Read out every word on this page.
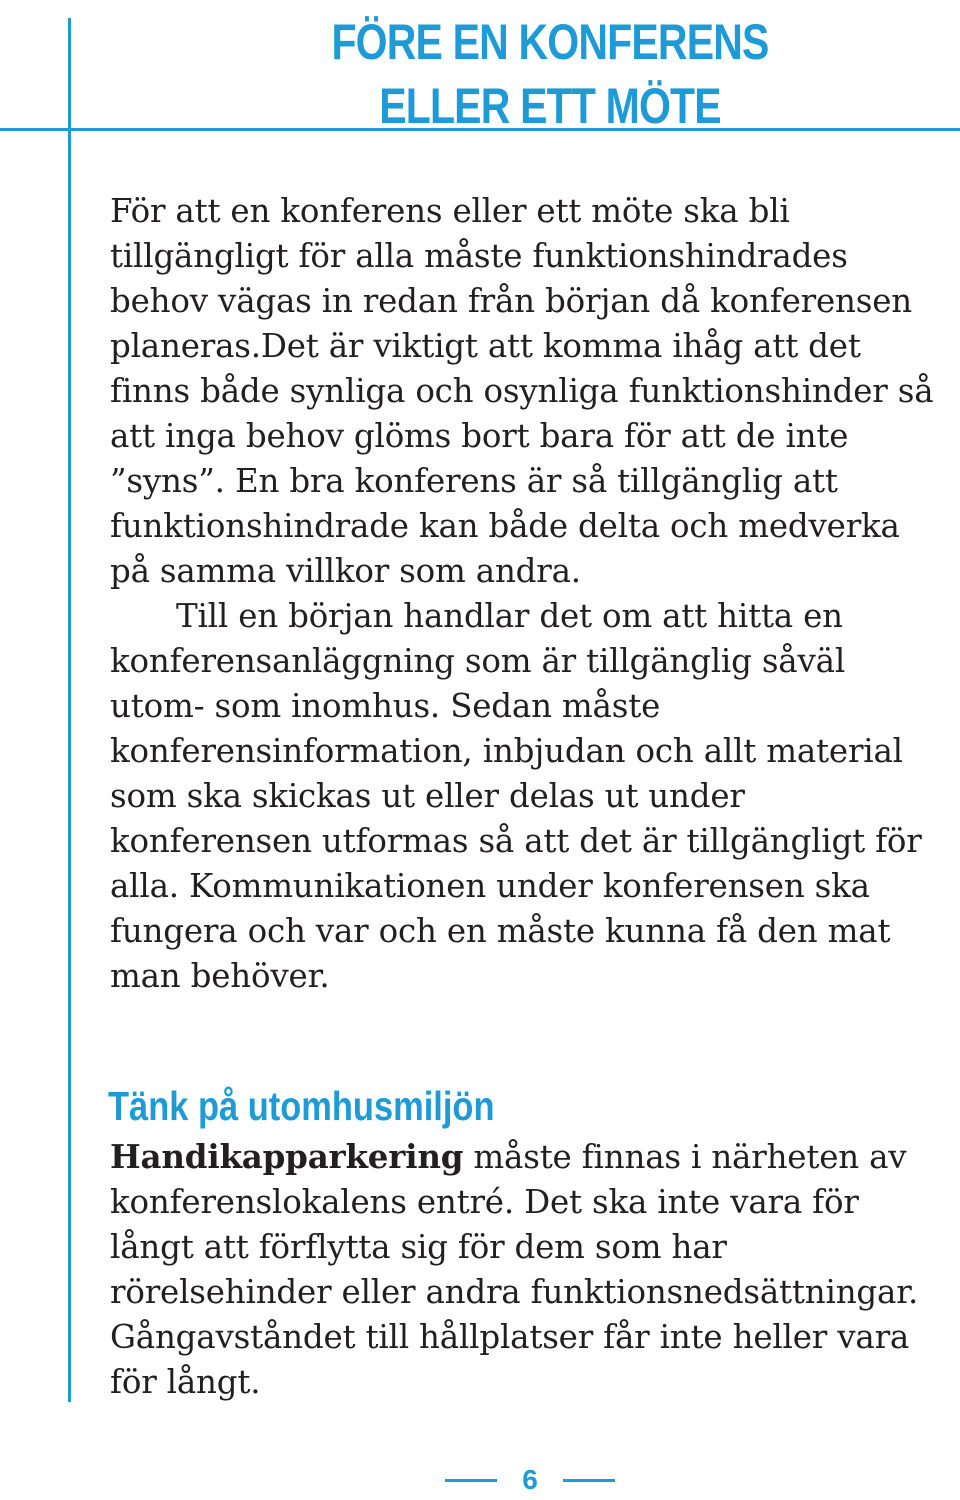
FÖRE EN KONFERENS
ELLER ETT MÖTE

För att en konferens eller ett möte ska bli tillgängligt för alla måste funktionshindrades behov vägas in redan från början då konferensen planeras.Det är viktigt att komma ihåg att det finns både synliga och osynliga funktionshinder så att inga behov glöms bort bara för att de inte ”syns”. En bra konferens är så tillgänglig att funktionshindrade kan både delta och medverka på samma villkor som andra.

Till en början handlar det om att hitta en konferensanläggning som är tillgänglig såväl utom- som inomhus. Sedan måste konferensinformation, inbjudan och allt material som ska skickas ut eller delas ut under konferensen utformas så att det är tillgängligt för alla. Kommunikationen under konferensen ska fungera och var och en måste kunna få den mat man behöver.

Tänk på utomhusmiljön

Handikapparkering måste finnas i närheten av konferenslokalens entré. Det ska inte vara för långt att förflytta sig för dem som har rörelsehinder eller andra funktionsnedsättningar. Gångavståndet till hållplatser får inte heller vara för långt.

6
